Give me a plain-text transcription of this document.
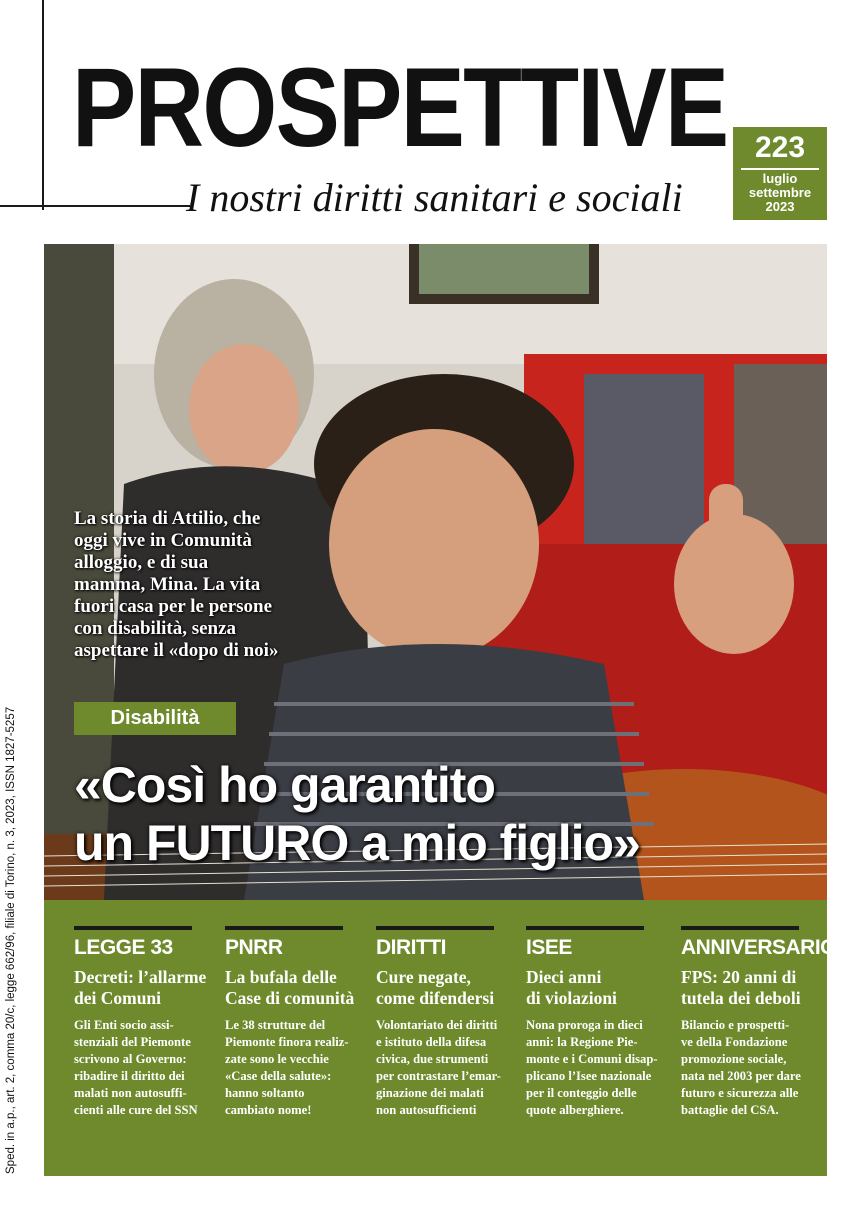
PROSPETTIVE
I nostri diritti sanitari e sociali
223
luglio
settembre
2023
La storia di Attilio, che
oggi vive in Comunità
alloggio, e di sua
mamma, Mina. La vita
fuori casa per le persone
con disabilità, senza
aspettare il «dopo di noi»
Disabilità
«Così ho garantito
un FUTURO a mio figlio»
LEGGE 33
Decreti: l’allarme
dei Comuni
Gli Enti socio assi-
stenziali del Piemonte
scrivono al Governo:
ribadire il diritto dei
malati non autosuffi-
cienti alle cure del SSN
PNRR
La bufala delle
Case di comunità
Le 38 strutture del
Piemonte finora realiz-
zate sono le vecchie
«Case della salute»:
hanno soltanto
cambiato nome!
DIRITTI
Cure negate,
come difendersi
Volontariato dei diritti
e istituto della difesa
civica, due strumenti
per contrastare l’emar-
ginazione dei malati
non autosufficienti
ISEE
Dieci anni
di violazioni
Nona proroga in dieci
anni: la Regione Pie-
monte e i Comuni disap-
plicano l’Isee nazionale
per il conteggio delle
quote alberghiere.
ANNIVERSARIO
FPS: 20 anni di
tutela dei deboli
Bilancio e prospetti-
ve della Fondazione
promozione sociale,
nata nel 2003 per dare
futuro e sicurezza alle
battaglie del CSA.
Sped. in a.p., art. 2, comma 20/c, legge 662/96, filiale di Torino, n. 3, 2023, ISSN 1827-5257
